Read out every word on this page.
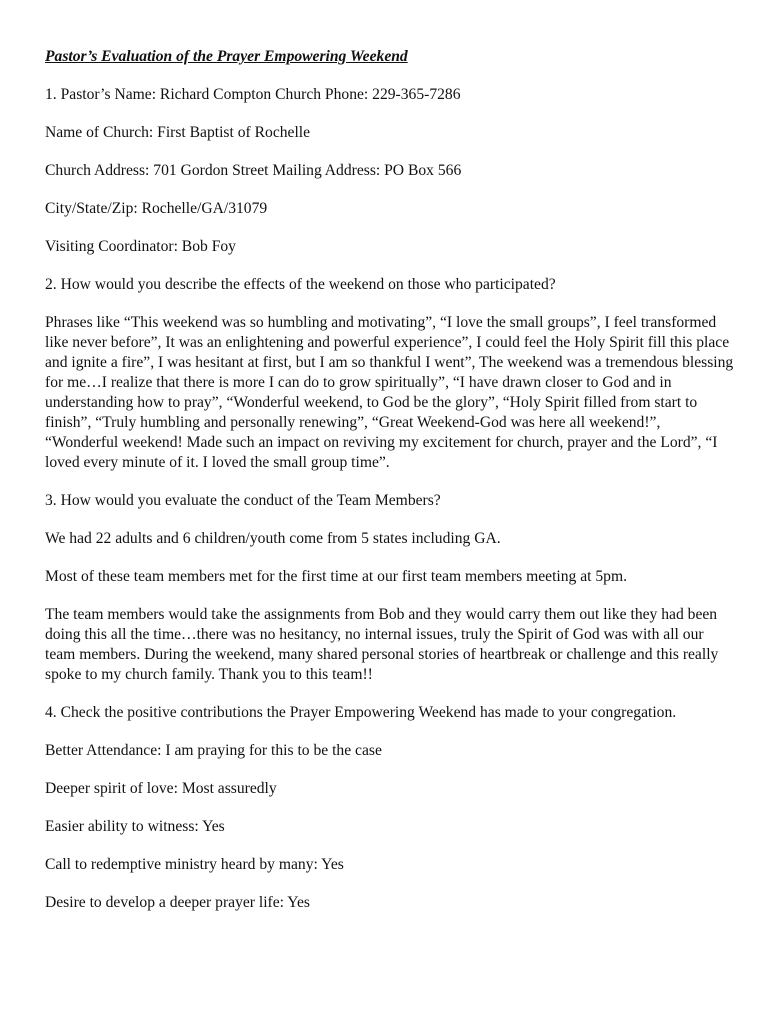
Pastor’s Evaluation of the Prayer Empowering Weekend

1. Pastor’s Name: Richard Compton Church Phone: 229-365-7286

Name of Church: First Baptist of Rochelle

Church Address: 701 Gordon Street Mailing Address: PO Box 566

City/State/Zip: Rochelle/GA/31079

Visiting Coordinator: Bob Foy

2. How would you describe the effects of the weekend on those who participated?

Phrases like “This weekend was so humbling and motivating”, “I love the small groups”, I feel transformed like never before”, It was an enlightening and powerful experience”, I could feel the Holy Spirit fill this place and ignite a fire”, I was hesitant at first, but I am so thankful I went”, The weekend was a tremendous blessing for me…I realize that there is more I can do to grow spiritually”, “I have drawn closer to God and in understanding how to pray”, “Wonderful weekend, to God be the glory”, “Holy Spirit filled from start to finish”, “Truly humbling and personally renewing”, “Great Weekend-God was here all weekend!”, “Wonderful weekend! Made such an impact on reviving my excitement for church, prayer and the Lord”, “I loved every minute of it. I loved the small group time”.

3. How would you evaluate the conduct of the Team Members?

We had 22 adults and 6 children/youth come from 5 states including GA.

Most of these team members met for the first time at our first team members meeting at 5pm.

The team members would take the assignments from Bob and they would carry them out like they had been doing this all the time…there was no hesitancy, no internal issues, truly the Spirit of God was with all our team members. During the weekend, many shared personal stories of heartbreak or challenge and this really spoke to my church family. Thank you to this team!!

4. Check the positive contributions the Prayer Empowering Weekend has made to your congregation.

Better Attendance: I am praying for this to be the case

Deeper spirit of love: Most assuredly

Easier ability to witness: Yes

Call to redemptive ministry heard by many: Yes

Desire to develop a deeper prayer life: Yes
